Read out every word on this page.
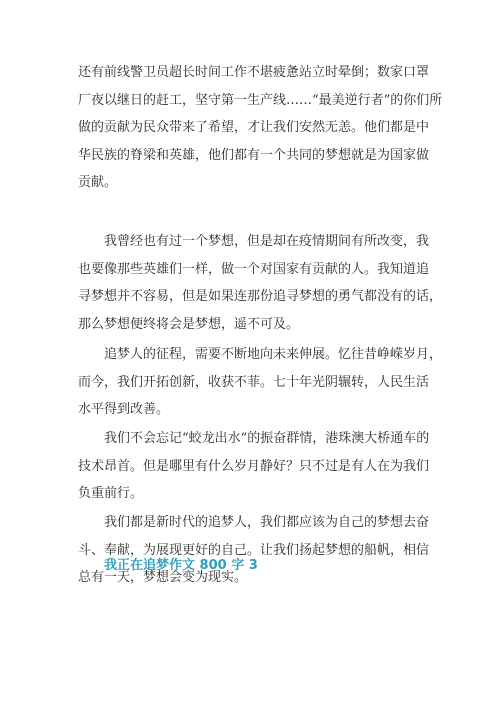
还有前线警卫员超长时间工作不堪疲惫站立时晕倒；数家口罩
厂夜以继日的赶工，坚守第一生产线……“最美逆行者”的你们所
做的贡献为民众带来了希望，才让我们安然无恙。他们都是中
华民族的脊梁和英雄，他们都有一个共同的梦想就是为国家做
贡献。

我曾经也有过一个梦想，但是却在疫情期间有所改变，我
也要像那些英雄们一样，做一个对国家有贡献的人。我知道追
寻梦想并不容易，但是如果连那份追寻梦想的勇气都没有的话，
那么梦想便终将会是梦想，遥不可及。

追梦人的征程，需要不断地向未来伸展。忆往昔峥嵘岁月，
而今，我们开拓创新，收获不菲。七十年光阴辗转，人民生活
水平得到改善。

我们不会忘记“蛟龙出水”的振奋群情，港珠澳大桥通车的
技术昂首。但是哪里有什么岁月静好？只不过是有人在为我们
负重前行。

我们都是新时代的追梦人，我们都应该为自己的梦想去奋
斗、奉献，为展现更好的自己。让我们扬起梦想的船帆，相信
总有一天，梦想会变为现实。

我正在追梦作文 800 字 3
